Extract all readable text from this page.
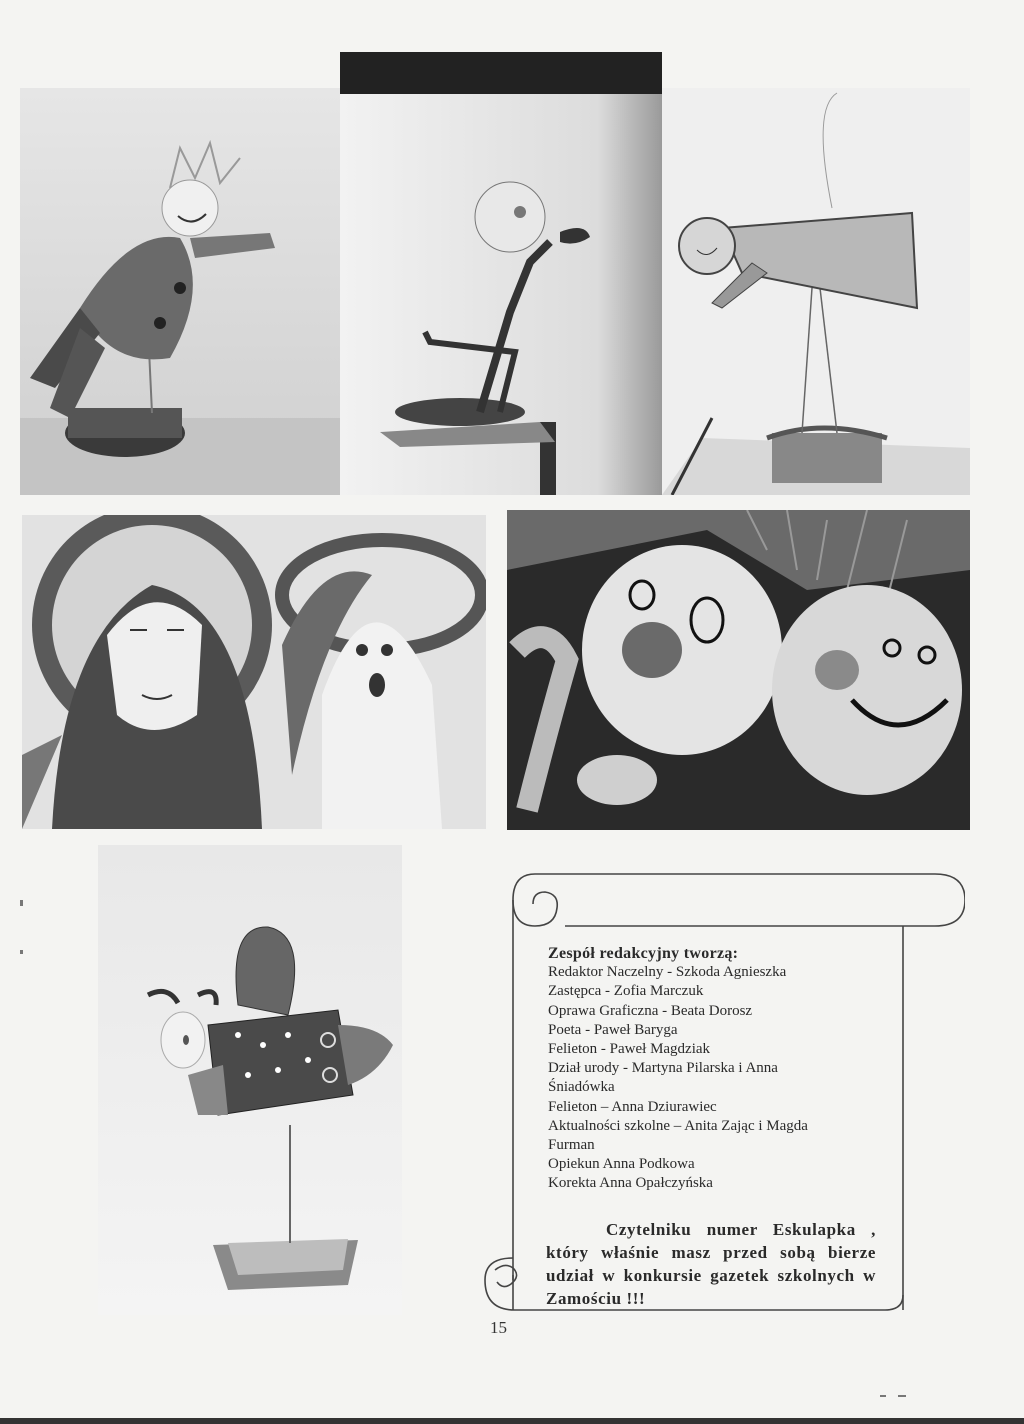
Zespół redakcyjny tworzą:
Redaktor Naczelny - Szkoda Agnieszka
Zastępca - Zofia Marczuk
Oprawa Graficzna - Beata Dorosz
Poeta - Paweł Baryga
Felieton - Paweł Magdziak
Dział urody - Martyna Pilarska i Anna
Śniadówka
Felieton – Anna Dziurawiec
Aktualności szkolne – Anita Zając i Magda
Furman
Opiekun Anna Podkowa
Korekta Anna Opałczyńska
Czytelniku numer Eskulapka , który właśnie masz przed sobą bierze udział w konkursie gazetek szkolnych w Zamościu !!!
15
